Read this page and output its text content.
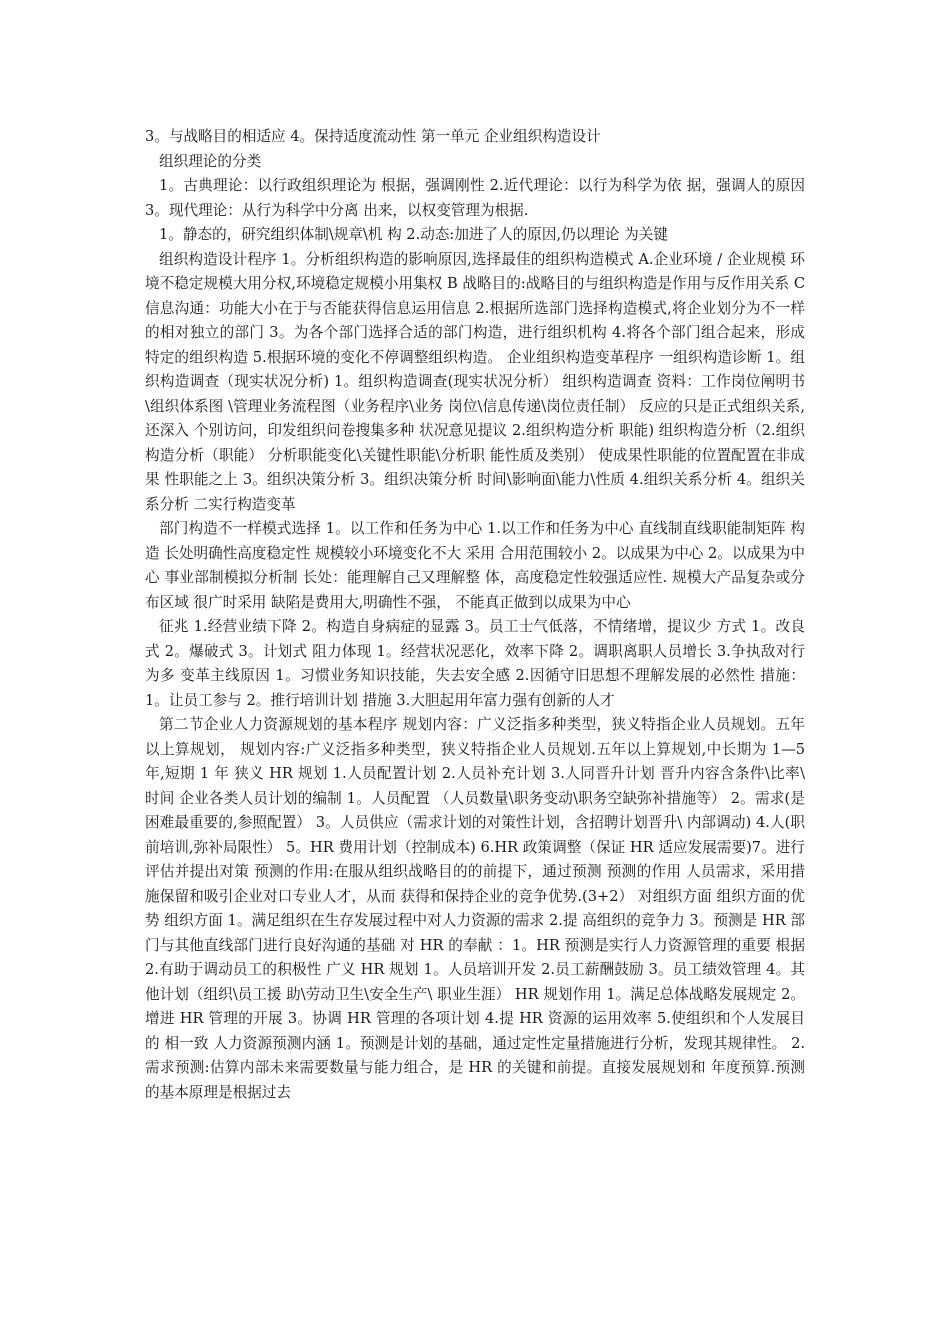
3。与战略目的相适应 4。保持适度流动性 第一单元 企业组织构造设计

组织理论的分类

1。古典理论：以行政组织理论为 根据，强调刚性 2.近代理论：以行为科学为依 据，强调人的原因 3。现代理论：从行为科学中分离 出来，以权变管理为根据.

1。静态的，研究组织体制\规章\机 构 2.动态:加进了人的原因,仍以理论 为关键

组织构造设计程序 1。分析组织构造的影响原因,选择最佳的组织构造模式 A.企业环境 / 企业规模 环境不稳定规模大用分权,环境稳定规模小用集权 B 战略目的:战略目的与组织构造是作用与反作用关系 C 信息沟通：功能大小在于与否能获得信息运用信息 2.根据所选部门选择构造模式,将企业划分为不一样的相对独立的部门 3。为各个部门选择合适的部门构造，进行组织机构 4.将各个部门组合起来，形成特定的组织构造 5.根据环境的变化不停调整组织构造。 企业组织构造变革程序 一组织构造诊断 1。组织构造调查（现实状况分析) 1。组织构造调查(现实状况分析） 组织构造调查 资料：工作岗位阐明书\组织体系图 \管理业务流程图（业务程序\业务 岗位\信息传递\岗位责任制） 反应的只是正式组织关系,还深入 个别访问，印发组织问卷搜集多种 状况意见提议 2.组织构造分析 职能) 组织构造分析（2.组织构造分析（职能） 分析职能变化\关键性职能\分析职 能性质及类别） 使成果性职能的位置配置在非成果 性职能之上 3。组织决策分析 3。组织决策分析 时间\影响面\能力\性质 4.组织关系分析 4。组织关系分析 二实行构造变革

部门构造不一样模式选择 1。以工作和任务为中心 1.以工作和任务为中心 直线制直线职能制矩阵 构造 长处明确性高度稳定性 规模较小环境变化不大 采用 合用范围较小 2。以成果为中心 2。以成果为中心 事业部制模拟分析制 长处：能理解自己又理解整 体，高度稳定性较强适应性. 规模大产品复杂或分布区域 很广时采用 缺陷是费用大,明确性不强， 不能真正做到以成果为中心

征兆 1.经营业绩下降 2。构造自身病症的显露 3。员工士气低落，不情绪增，提议少 方式 1。改良式 2。爆破式 3。计划式 阻力体现 1。经营状况恶化，效率下降 2。调职离职人员增长 3.争执敌对行为多 变革主线原因 1。习惯业务知识技能，失去安全感 2.因循守旧思想不理解发展的必然性 措施：1。让员工参与 2。推行培训计划 措施 3.大胆起用年富力强有创新的人才

第二节企业人力资源规划的基本程序 规划内容：广义泛指多种类型，狭义特指企业人员规划。五年以上算规划， 规划内容:广义泛指多种类型，狭义特指企业人员规划.五年以上算规划,中长期为 1—5 年,短期 1 年 狭义 HR 规划 1.人员配置计划 2.人员补充计划 3.人同晋升计划 晋升内容含条件\比率\ 时间 企业各类人员计划的编制 1。人员配置 （人员数量\职务变动\职务空缺弥补措施等） 2。需求(是困难最重要的,参照配置） 3。人员供应（需求计划的对策性计划，含招聘计划晋升\ 内部调动) 4.人(职前培训,弥补局限性） 5。HR 费用计划（控制成本) 6.HR 政策调整（保证 HR 适应发展需要)7。进行评估并提出对策 预测的作用:在服从组织战略目的的前提下，通过预测 预测的作用 人员需求，采用措施保留和吸引企业对口专业人才，从而 获得和保持企业的竞争优势.(3+2） 对组织方面 组织方面的优势 组织方面 1。满足组织在生存发展过程中对人力资源的需求 2.提 高组织的竞争力 3。预测是 HR 部门与其他直线部门进行良好沟通的基础 对 HR 的奉献 ：1。HR 预测是实行人力资源管理的重要 根据 2.有助于调动员工的积极性 广义 HR 规划 1。人员培训开发 2.员工薪酬鼓励 3。员工绩效管理 4。其他计划（组织\员工援 助\劳动卫生\安全生产\ 职业生涯） HR 规划作用 1。满足总体战略发展规定 2。增进 HR 管理的开展 3。协调 HR 管理的各项计划 4.提 HR 资源的运用效率 5.使组织和个人发展目的 相一致 人力资源预测内涵 1。预测是计划的基础，通过定性定量措施进行分析，发现其规律性。 2.需求预测:估算内部未来需要数量与能力组合，是 HR 的关键和前提。直接发展规划和 年度预算.预测的基本原理是根据过去
